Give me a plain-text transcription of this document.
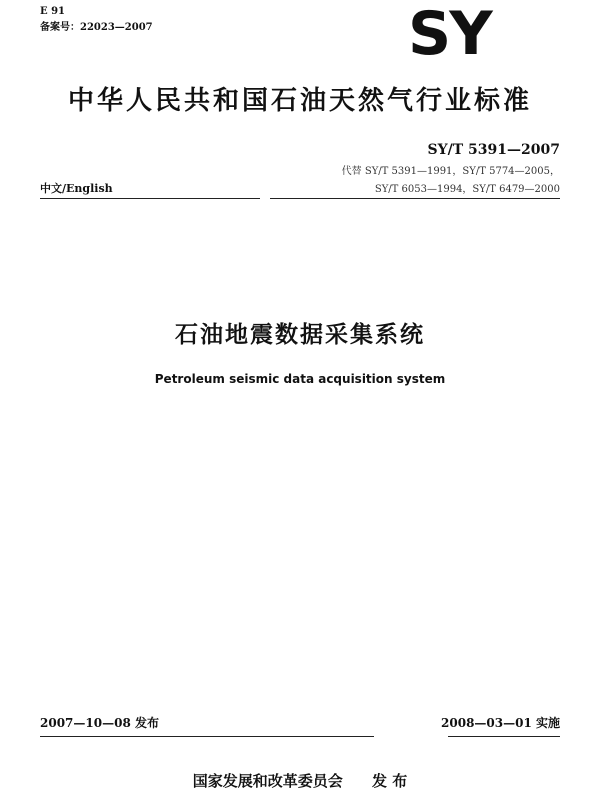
E 91
备案号：22023—2007	SY
中华人民共和国石油天然气行业标准
SY/T 5391—2007
代替 SY/T 5391—1991，SY/T 5774—2005，
SY/T 6053—1994，SY/T 6479—2000
中文/English
石油地震数据采集系统
Petroleum seismic data acquisition system
2007—10—08 发布	2008—03—01 实施
国家发展和改革委员会 发 布
